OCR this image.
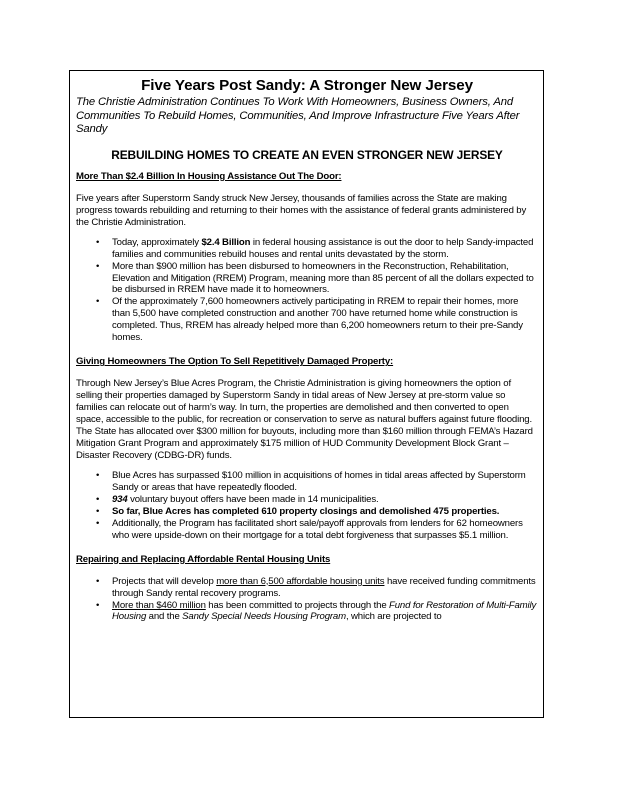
Five Years Post Sandy: A Stronger New Jersey

The Christie Administration Continues To Work With Homeowners, Business Owners, And Communities To Rebuild Homes, Communities, And Improve Infrastructure Five Years After Sandy

REBUILDING HOMES TO CREATE AN EVEN STRONGER NEW JERSEY
More Than $2.4 Billion In Housing Assistance Out The Door:

Five years after Superstorm Sandy struck New Jersey, thousands of families across the State are making progress towards rebuilding and returning to their homes with the assistance of federal grants administered by the Christie Administration.

• Today, approximately $2.4 Billion in federal housing assistance is out the door to help Sandy-impacted families and communities rebuild houses and rental units devastated by the storm.
• More than $900 million has been disbursed to homeowners in the Reconstruction, Rehabilitation, Elevation and Mitigation (RREM) Program, meaning more than 85 percent of all the dollars expected to be disbursed in RREM have made it to homeowners.
• Of the approximately 7,600 homeowners actively participating in RREM to repair their homes, more than 5,500 have completed construction and another 700 have returned home while construction is completed. Thus, RREM has already helped more than 6,200 homeowners return to their pre-Sandy homes.
Giving Homeowners The Option To Sell Repetitively Damaged Property:

Through New Jersey’s Blue Acres Program, the Christie Administration is giving homeowners the option of selling their properties damaged by Superstorm Sandy in tidal areas of New Jersey at pre-storm value so families can relocate out of harm’s way. In turn, the properties are demolished and then converted to open space, accessible to the public, for recreation or conservation to serve as natural buffers against future flooding. The State has allocated over $300 million for buyouts, including more than $160 million through FEMA’s Hazard Mitigation Grant Program and approximately $175 million of HUD Community Development Block Grant – Disaster Recovery (CDBG-DR) funds.

• Blue Acres has surpassed $100 million in acquisitions of homes in tidal areas affected by Superstorm Sandy or areas that have repeatedly flooded.
• 934 voluntary buyout offers have been made in 14 municipalities.
• So far, Blue Acres has completed 610 property closings and demolished 475 properties.
• Additionally, the Program has facilitated short sale/payoff approvals from lenders for 62 homeowners who were upside-down on their mortgage for a total debt forgiveness that surpasses $5.1 million.
Repairing and Replacing Affordable Rental Housing Units
• Projects that will develop more than 6,500 affordable housing units have received funding commitments through Sandy rental recovery programs.
• More than $460 million has been committed to projects through the Fund for Restoration of Multi-Family Housing and the Sandy Special Needs Housing Program, which are projected to
